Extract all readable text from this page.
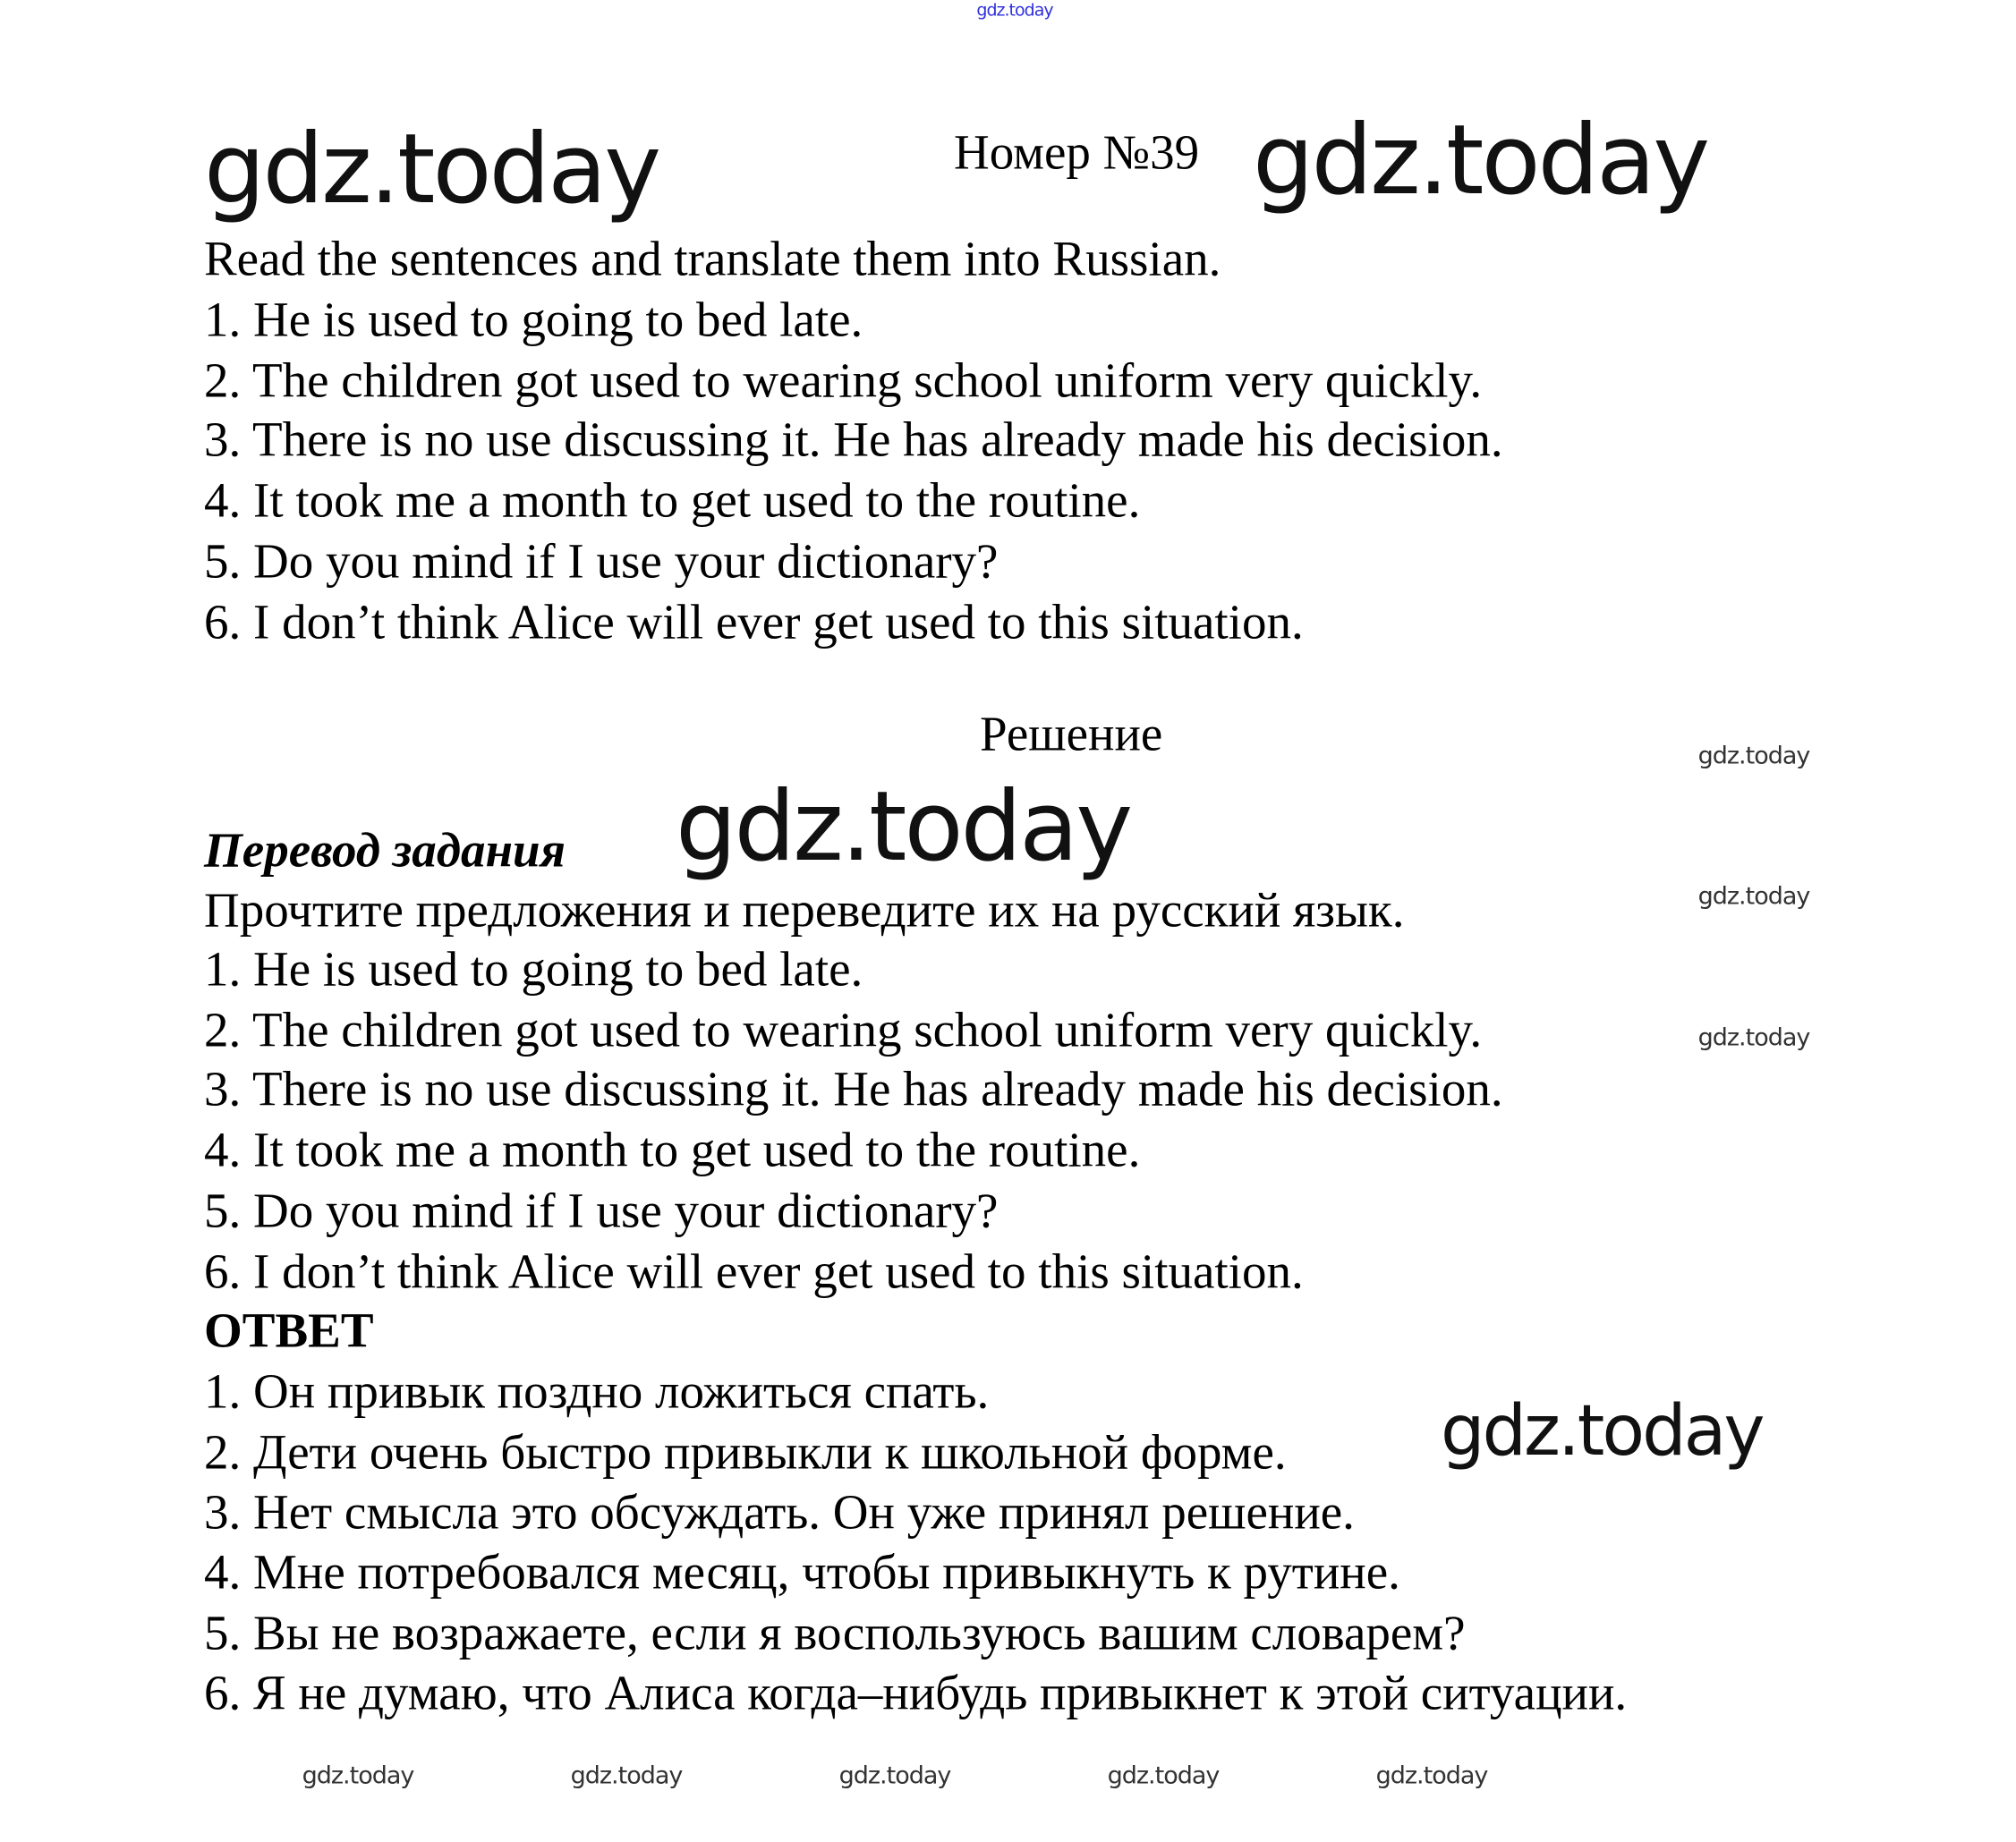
gdz.today
gdz.today	gdz.today
gdz.today
gdz.today
gdz.today
gdz.today
gdz.today
gdz.today	gdz.today	gdz.today	gdz.today	gdz.today
Номер №39
Read the sentences and translate them into Russian.
1. He is used to going to bed late.
2. The children got used to wearing school uniform very quickly.
3. There is no use discussing it. He has already made his decision.
4. It took me a month to get used to the routine.
5. Do you mind if I use your dictionary?
6. I don’t think Alice will ever get used to this situation.
Решение
Перевод задания
Прочтите предложения и переведите их на русский язык.
1. He is used to going to bed late.
2. The children got used to wearing school uniform very quickly.
3. There is no use discussing it. He has already made his decision.
4. It took me a month to get used to the routine.
5. Do you mind if I use your dictionary?
6. I don’t think Alice will ever get used to this situation.
ОТВЕТ
1. Он привык поздно ложиться спать.
2. Дети очень быстро привыкли к школьной форме.
3. Нет смысла это обсуждать. Он уже принял решение.
4. Мне потребовался месяц, чтобы привыкнуть к рутине.
5. Вы не возражаете, если я воспользуюсь вашим словарем?
6. Я не думаю, что Алиса когда–нибудь привыкнет к этой ситуации.
